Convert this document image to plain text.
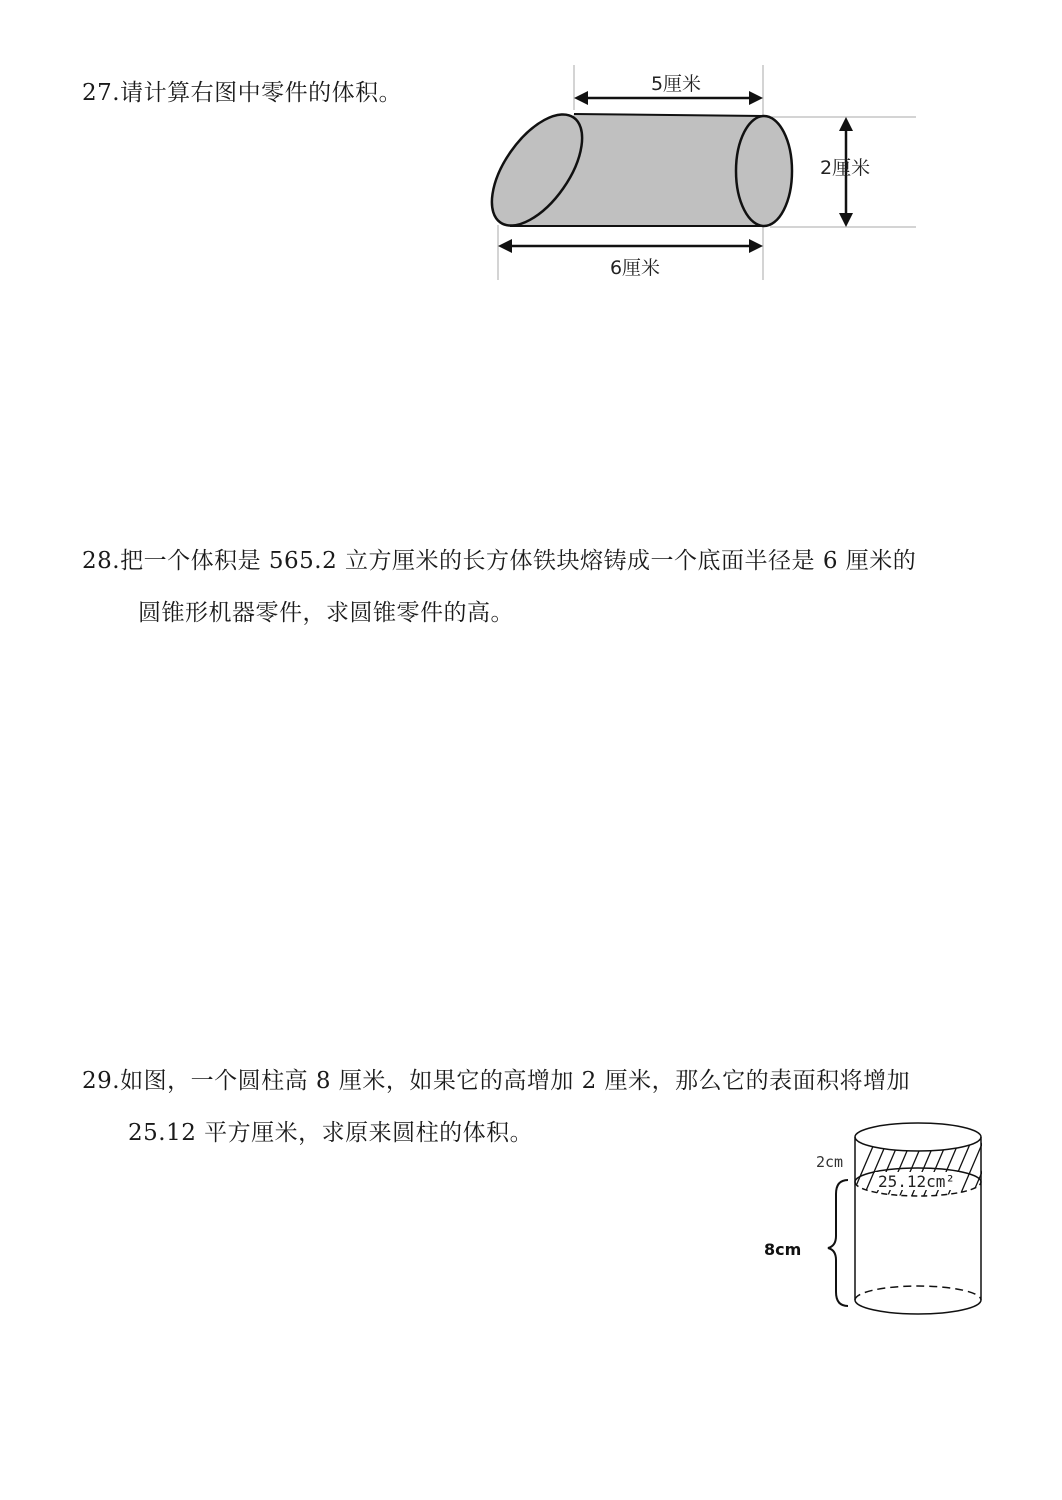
27.请计算右图中零件的体积。	5厘米
6厘米
2厘米
28.把一个体积是 565.2 立方厘米的长方体铁块熔铸成一个底面半径是 6 厘米的
圆锥形机器零件，求圆锥零件的高。
29.如图，一个圆柱高 8 厘米，如果它的高增加 2 厘米，那么它的表面积将增加
25.12 平方厘米，求原来圆柱的体积。
25.12cm²
2cm
8cm
